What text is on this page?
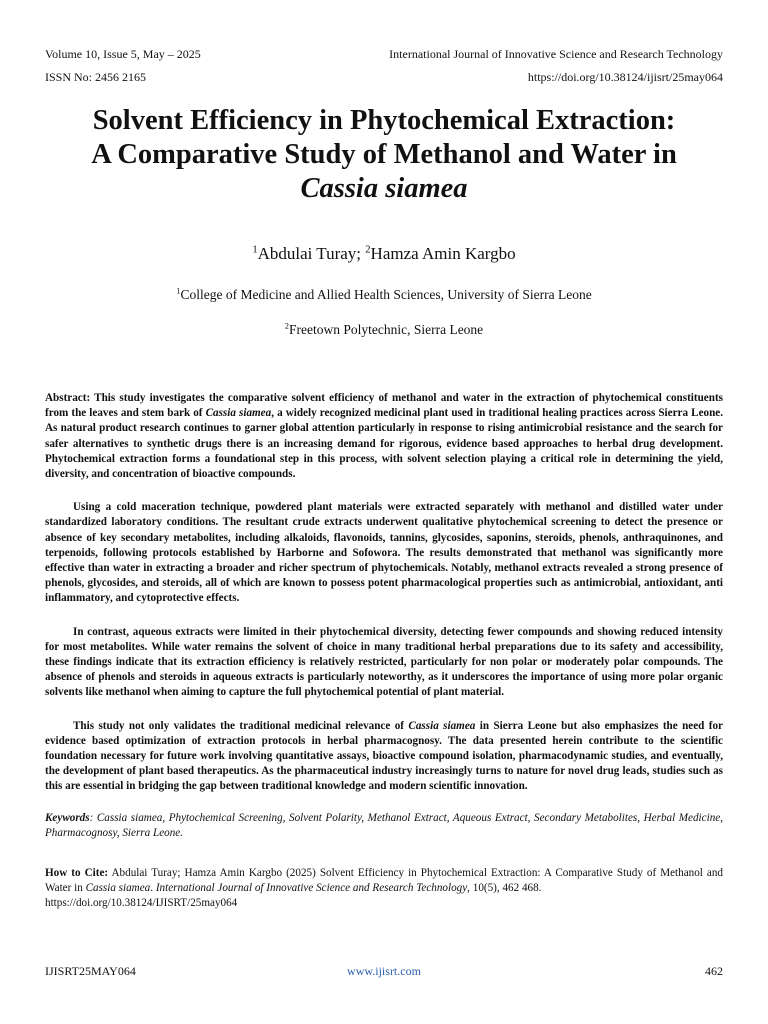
Volume 10, Issue 5, May – 2025
ISSN No: 2456 2165
International Journal of Innovative Science and Research Technology
https://doi.org/10.38124/ijisrt/25may064
Solvent Efficiency in Phytochemical Extraction:
A Comparative Study of Methanol and Water in
Cassia siamea
$^1$Abdulai Turay; $^2$Hamza Amin Kargbo
$^1$College of Medicine and Allied Health Sciences, University of Sierra Leone
$^2$Freetown Polytechnic, Sierra Leone

Abstract: This study investigates the comparative solvent efficiency of methanol and water in the extraction of phytochemical constituents from the leaves and stem bark of Cassia siamea, a widely recognized medicinal plant used in traditional healing practices across Sierra Leone. As natural product research continues to garner global attention particularly in response to rising antimicrobial resistance and the search for safer alternatives to synthetic drugs there is an increasing demand for rigorous, evidence based approaches to herbal drug development. Phytochemical extraction forms a foundational step in this process, with solvent selection playing a critical role in determining the yield, diversity, and concentration of bioactive compounds.

Using a cold maceration technique, powdered plant materials were extracted separately with methanol and distilled water under standardized laboratory conditions. The resultant crude extracts underwent qualitative phytochemical screening to detect the presence or absence of key secondary metabolites, including alkaloids, flavonoids, tannins, glycosides, saponins, steroids, phenols, anthraquinones, and terpenoids, following protocols established by Harborne and Sofowora. The results demonstrated that methanol was significantly more effective than water in extracting a broader and richer spectrum of phytochemicals. Notably, methanol extracts revealed a strong presence of phenols, glycosides, and steroids, all of which are known to possess potent pharmacological properties such as antimicrobial, antioxidant, anti inflammatory, and cytoprotective effects.

In contrast, aqueous extracts were limited in their phytochemical diversity, detecting fewer compounds and showing reduced intensity for most metabolites. While water remains the solvent of choice in many traditional herbal preparations due to its safety and accessibility, these findings indicate that its extraction efficiency is relatively restricted, particularly for non polar or moderately polar compounds. The absence of phenols and steroids in aqueous extracts is particularly noteworthy, as it underscores the importance of using more polar organic solvents like methanol when aiming to capture the full phytochemical potential of plant material.

This study not only validates the traditional medicinal relevance of Cassia siamea in Sierra Leone but also emphasizes the need for evidence based optimization of extraction protocols in herbal pharmacognosy. The data presented herein contribute to the scientific foundation necessary for future work involving quantitative assays, bioactive compound isolation, pharmacodynamic studies, and eventually, the development of plant based therapeutics. As the pharmaceutical industry increasingly turns to nature for novel drug leads, studies such as this are essential in bridging the gap between traditional knowledge and modern scientific innovation.

Keywords: Cassia siamea, Phytochemical Screening, Solvent Polarity, Methanol Extract, Aqueous Extract, Secondary Metabolites, Herbal Medicine, Pharmacognosy, Sierra Leone.

How to Cite: Abdulai Turay; Hamza Amin Kargbo (2025) Solvent Efficiency in Phytochemical Extraction: A Comparative Study of Methanol and Water in Cassia siamea. International Journal of Innovative Science and Research Technology, 10(5), 462 468.
https://doi.org/10.38124/IJISRT/25may064

IJISRT25MAY064	www.ijisrt.com	462
